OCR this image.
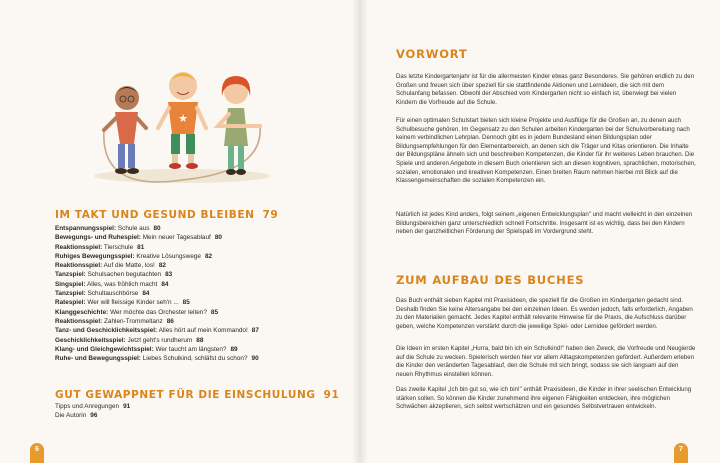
★
IM TAKT UND GESUND BLEIBEN 79
Entspannungsspiel: Schule aus 80
Bewegungs- und Ruhespiel: Mein neuer Tagesablauf 80
Reaktionsspiel: Tierschule 81
Ruhiges Bewegungsspiel: Kreative Lösungswege 82
Reaktionsspiel: Auf die Matte, los! 82
Tanzspiel: Schulsachen begutachten 83
Singspiel: Alles, was fröhlich macht 84
Tanzspiel: Schultauschbörse 84
Ratespiel: Wer will fleissige Kinder seh'n ... 85
Klanggeschichte: Wer möchte das Orchester leiten? 85
Reaktionsspiel: Zahlen-Trommeltanz 86
Tanz- und Geschicklichkeitsspiel: Alles hört auf mein Kommando! 87
Geschicklichkeitsspiel: Jetzt geht's rundherum 88
Klang- und Gleichgewichtsspiel: Wer taucht am längsten? 89
Ruhe- und Bewegungsspiel: Liebes Schulkind, schläfst du schon? 90
GUT GEWAPPNET FÜR DIE EINSCHULUNG 91
Tipps und Anregungen 91
Die Autorin 96
6
VORWORT

Das letzte Kindergartenjahr ist für die allermeisten Kinder etwas ganz Besonderes. Sie gehören endlich zu den Großen und freuen sich über speziell für sie stattfindende Aktionen und Lernideen, die sich mit dem Schulanfang befassen. Obwohl der Abschied vom Kindergarten nicht so einfach ist, überwiegt bei vielen Kindern die Vorfreude auf die Schule.

Für einen optimalen Schulstart bieten sich kleine Projekte und Ausflüge für die Großen an, zu denen auch Schulbesuche gehören. Im Gegensatz zu den Schulen arbeiten Kindergarten bei der Schulvorbereitung nach keinem verbindlichen Lehrplan. Dennoch gibt es in jedem Bundesland einen Bildungsplan oder Bildungsempfehlungen für den Elementarbereich, an denen sich die Träger und Kitas orientieren. Die Inhalte der Bildungspläne ähneln sich und beschreiben Kompetenzen, die Kinder für ihr weiteres Leben brauchen. Die Spiele und anderen Angebote in diesem Buch orientieren sich an diesen kognitiven, sprachlichen, motorischen, sozialen, emotionalen und kreativen Kompetenzen. Einen breiten Raum nehmen hierbei mit Blick auf die Klassengemeinschaften die sozialen Kompetenzen ein.

Natürlich ist jedes Kind anders, folgt seinem „eigenen Entwicklungsplan" und macht vielleicht in den einzelnen Bildungsbereichen ganz unterschiedlich schnell Fortschritte. Insgesamt ist es wichtig, dass bei den Kindern neben der ganzheitlichen Förderung der Spielspaß im Vordergrund steht.

ZUM AUFBAU DES BUCHES

Das Buch enthält sieben Kapitel mit Praxisideen, die speziell für die Großen im Kindergarten gedacht sind. Deshalb finden Sie keine Altersangabe bei den einzelnen Ideen. Es werden jedoch, falls erforderlich, Angaben zu den Materialien gemacht. Jedes Kapitel enthält relevante Hinweise für die Praxis, die Aufschluss darüber geben, welche Kompetenzen verstärkt durch die jeweilige Spiel- oder Lernidee gefördert werden.

Die Ideen im ersten Kapitel „Hurra, bald bin ich ein Schulkind!" haben den Zweck, die Vorfreude und Neugierde auf die Schule zu wecken. Spielerisch werden hier vor allem Alltagskompetenzen gefördert. Außerdem erleben die Kinder den veränderten Tagesablauf, den die Schule mit sich bringt, sodass sie sich langsam auf den neuen Rhythmus einstellen können.

Das zweite Kapitel „Ich bin gut so, wie ich bin!" enthält Praxisideen, die Kinder in ihrer seelischen Entwicklung stärken sollen. So können die Kinder zunehmend ihre eigenen Fähigkeiten entdecken, ihre möglichen Schwächen akzeptieren, sich selbst wertschätzen und ein gesundes Selbstvertrauen entwickeln.

7
